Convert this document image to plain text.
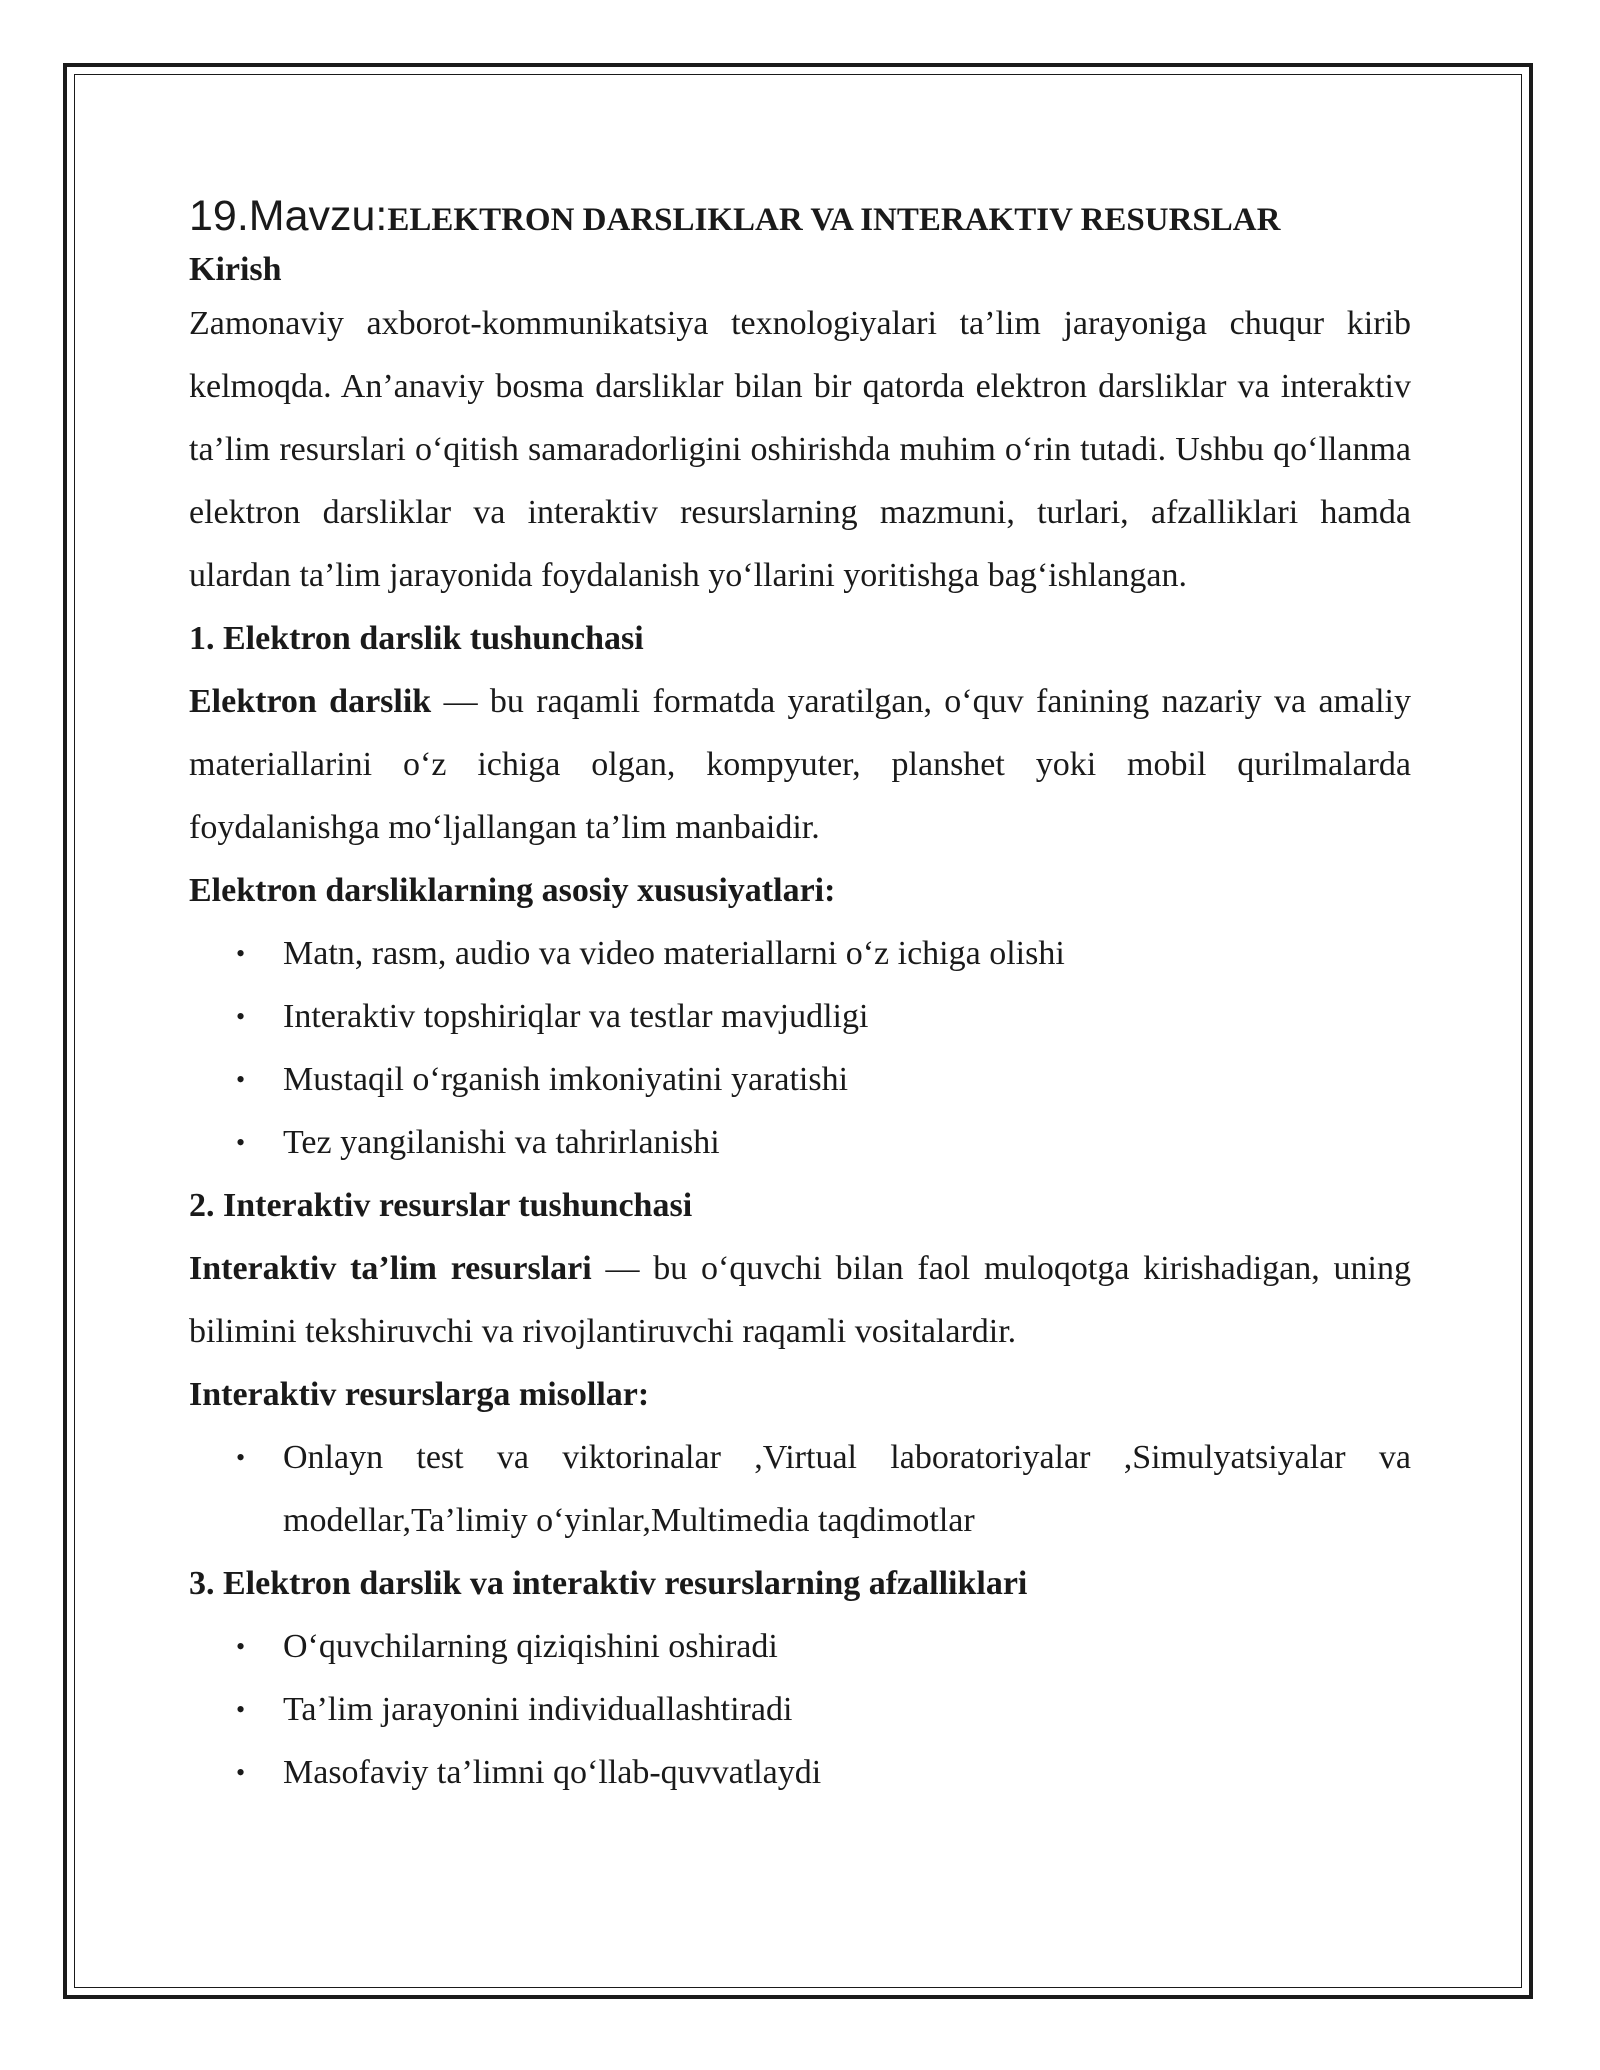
19.Mavzu:ELEKTRON DARSLIKLAR VA INTERAKTIV RESURSLAR

Kirish

Zamonaviy axborot-kommunikatsiya texnologiyalari ta’lim jarayoniga chuqur kirib kelmoqda. An’anaviy bosma darsliklar bilan bir qatorda elektron darsliklar va interaktiv ta’lim resurslari o‘qitish samaradorligini oshirishda muhim o‘rin tutadi. Ushbu qo‘llanma elektron darsliklar va interaktiv resurslarning mazmuni, turlari, afzalliklari hamda ulardan ta’lim jarayonida foydalanish yo‘llarini yoritishga bag‘ishlangan.

1. Elektron darslik tushunchasi

Elektron darslik — bu raqamli formatda yaratilgan, o‘quv fanining nazariy va amaliy materiallarini o‘z ichiga olgan, kompyuter, planshet yoki mobil qurilmalarda foydalanishga mo‘ljallangan ta’lim manbaidir.

Elektron darsliklarning asosiy xususiyatlari:

• Matn, rasm, audio va video materiallarni o‘z ichiga olishi
• Interaktiv topshiriqlar va testlar mavjudligi
• Mustaqil o‘rganish imkoniyatini yaratishi
• Tez yangilanishi va tahrirlanishi

2. Interaktiv resurslar tushunchasi

Interaktiv ta’lim resurslari — bu o‘quvchi bilan faol muloqotga kirishadigan, uning bilimini tekshiruvchi va rivojlantiruvchi raqamli vositalardir.

Interaktiv resurslarga misollar:

• Onlayn test va viktorinalar ,Virtual laboratoriyalar ,Simulyatsiyalar va modellar,Ta’limiy o‘yinlar,Multimedia taqdimotlar

3. Elektron darslik va interaktiv resurslarning afzalliklari

• O‘quvchilarning qiziqishini oshiradi
• Ta’lim jarayonini individuallashtiradi
• Masofaviy ta’limni qo‘llab-quvvatlaydi
